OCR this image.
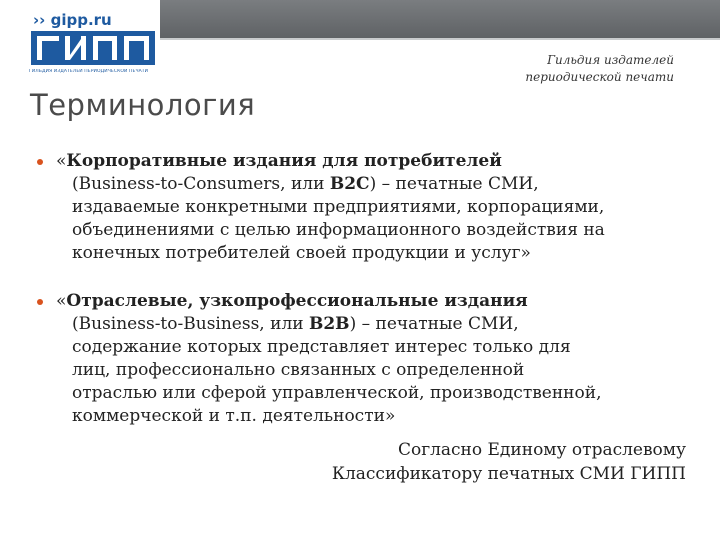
›› gipp.ru
ГИЛЬДИЯ ИЗДАТЕЛЕЙ ПЕРИОДИЧЕСКОЙ ПЕЧАТИ
Гильдия издателей
периодической печати
Терминология
«Корпоративные издания для потребителей
(Business-to-Consumers, или B2C) – печатные СМИ,
издаваемые конкретными предприятиями, корпорациями,
объединениями с целью информационного воздействия на
конечных потребителей своей продукции и услуг»
«Отраслевые, узкопрофессиональные издания
(Business-to-Business, или B2B) – печатные СМИ,
содержание которых представляет интерес только для
лиц, профессионально связанных с определенной
отраслью или сферой управленческой, производственной,
коммерческой и т.п. деятельности»
Согласно Единому отраслевому
Классификатору печатных СМИ ГИПП
